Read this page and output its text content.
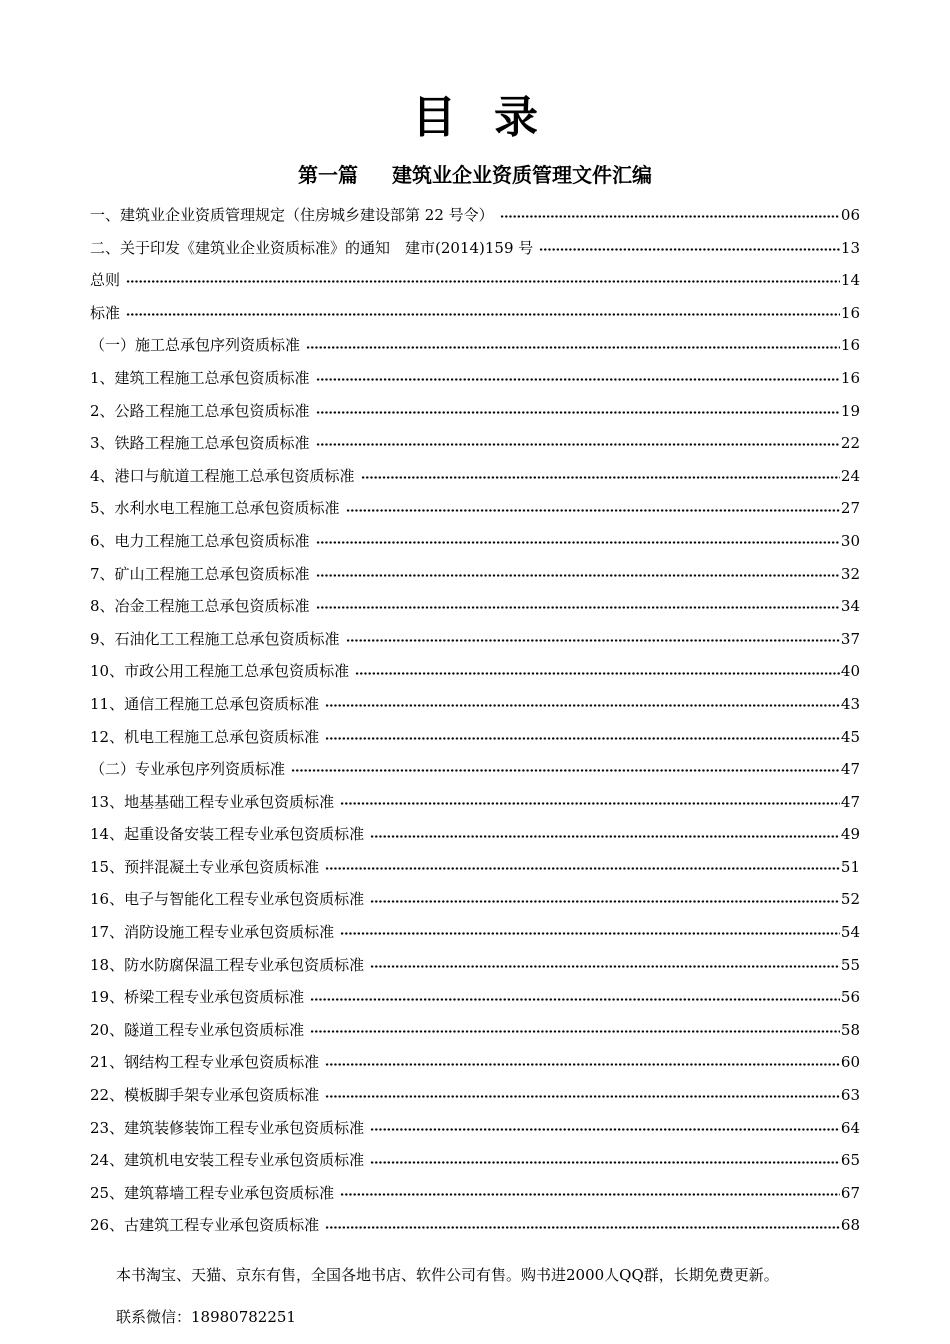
目录
第一篇 建筑业企业资质管理文件汇编
一、建筑业企业资质管理规定（住房城乡建设部第 22 号令）	06
二、关于印发《建筑业企业资质标准》的通知　建市(2014)159 号	13
总则	14
标准	16
（一）施工总承包序列资质标准	16
1、建筑工程施工总承包资质标准	16
2、公路工程施工总承包资质标准	19
3、铁路工程施工总承包资质标准	22
4、港口与航道工程施工总承包资质标准	24
5、水利水电工程施工总承包资质标准	27
6、电力工程施工总承包资质标准	30
7、矿山工程施工总承包资质标准	32
8、冶金工程施工总承包资质标准	34
9、石油化工工程施工总承包资质标准	37
10、市政公用工程施工总承包资质标准	40
11、通信工程施工总承包资质标准	43
12、机电工程施工总承包资质标准	45
（二）专业承包序列资质标准	47
13、地基基础工程专业承包资质标准	47
14、起重设备安装工程专业承包资质标准	49
15、预拌混凝土专业承包资质标准	51
16、电子与智能化工程专业承包资质标准	52
17、消防设施工程专业承包资质标准	54
18、防水防腐保温工程专业承包资质标准	55
19、桥梁工程专业承包资质标准	56
20、隧道工程专业承包资质标准	58
21、钢结构工程专业承包资质标准	60
22、模板脚手架专业承包资质标准	63
23、建筑装修装饰工程专业承包资质标准	64
24、建筑机电安装工程专业承包资质标准	65
25、建筑幕墙工程专业承包资质标准	67
26、古建筑工程专业承包资质标准	68
本书淘宝、天猫、京东有售，全国各地书店、软件公司有售。购书进2000人QQ群，长期免费更新。
联系微信：18980782251
